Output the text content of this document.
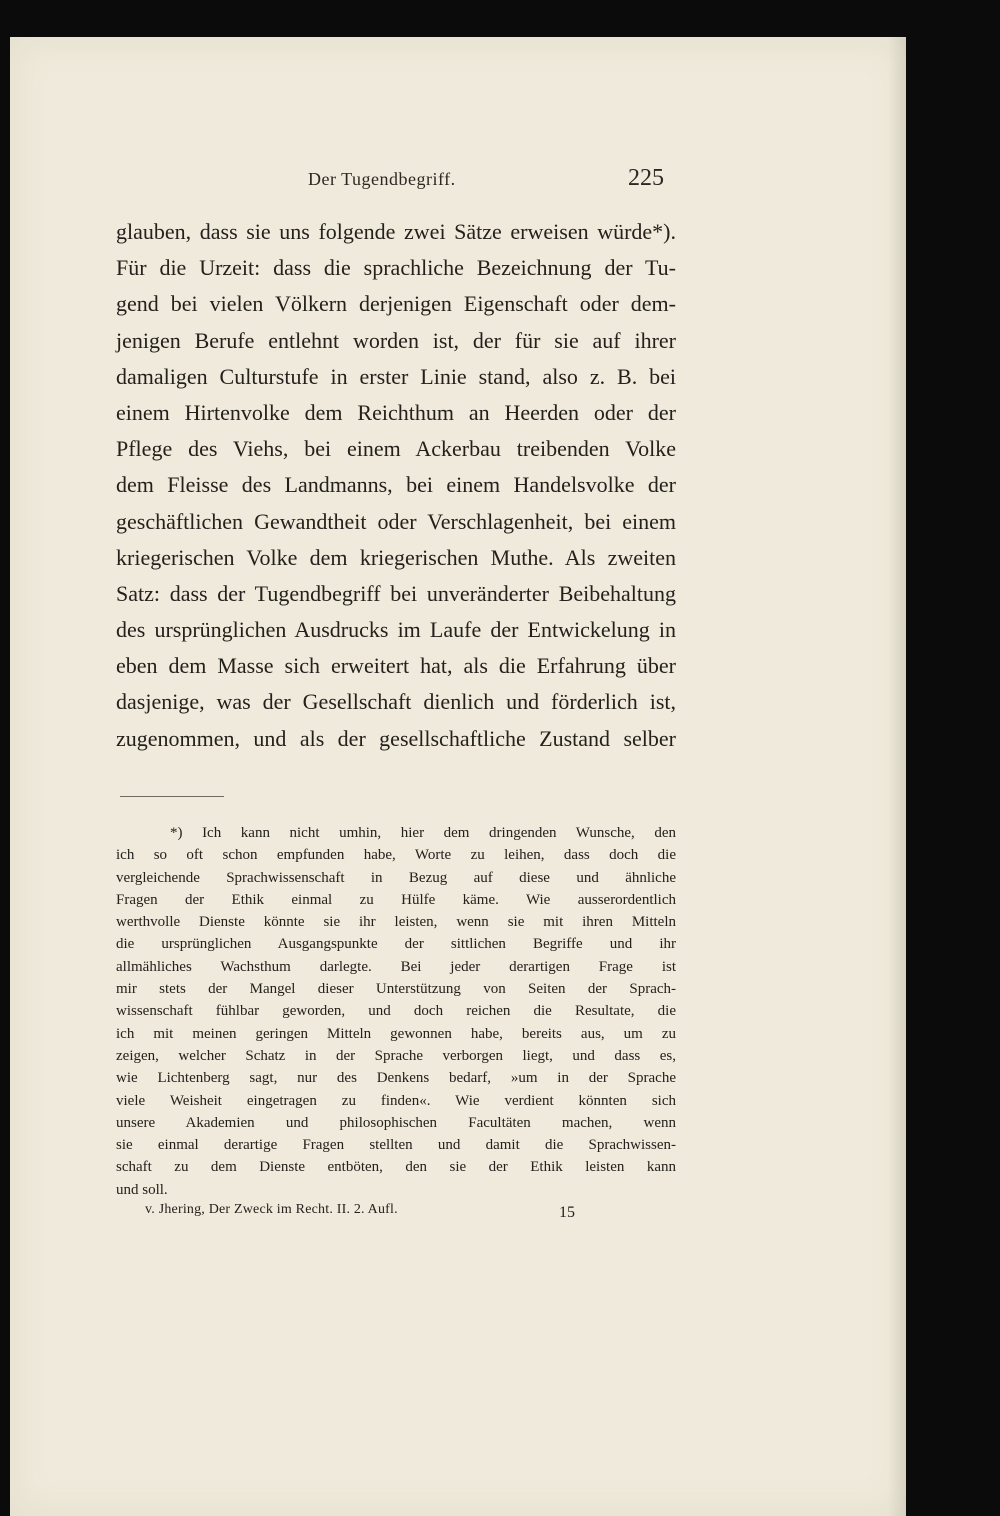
Der Tugendbegriff.	225
glauben, dass sie uns folgende zwei Sätze erweisen würde*).
Für die Urzeit: dass die sprachliche Bezeichnung der Tu-
gend bei vielen Völkern derjenigen Eigenschaft oder dem-
jenigen Berufe entlehnt worden ist, der für sie auf ihrer
damaligen Culturstufe in erster Linie stand, also z. B. bei
einem Hirtenvolke dem Reichthum an Heerden oder der
Pflege des Viehs, bei einem Ackerbau treibenden Volke
dem Fleisse des Landmanns, bei einem Handelsvolke der
geschäftlichen Gewandtheit oder Verschlagenheit, bei einem
kriegerischen Volke dem kriegerischen Muthe. Als zweiten
Satz: dass der Tugendbegriff bei unveränderter Beibehaltung
des ursprünglichen Ausdrucks im Laufe der Entwickelung in
eben dem Masse sich erweitert hat, als die Erfahrung über
dasjenige, was der Gesellschaft dienlich und förderlich ist,
zugenommen, und als der gesellschaftliche Zustand selber
*) Ich kann nicht umhin, hier dem dringenden Wunsche, den
ich so oft schon empfunden habe, Worte zu leihen, dass doch die
vergleichende Sprachwissenschaft in Bezug auf diese und ähnliche
Fragen der Ethik einmal zu Hülfe käme. Wie ausserordentlich
werthvolle Dienste könnte sie ihr leisten, wenn sie mit ihren Mitteln
die ursprünglichen Ausgangspunkte der sittlichen Begriffe und ihr
allmähliches Wachsthum darlegte. Bei jeder derartigen Frage ist
mir stets der Mangel dieser Unterstützung von Seiten der Sprach-
wissenschaft fühlbar geworden, und doch reichen die Resultate, die
ich mit meinen geringen Mitteln gewonnen habe, bereits aus, um zu
zeigen, welcher Schatz in der Sprache verborgen liegt, und dass es,
wie Lichtenberg sagt, nur des Denkens bedarf, »um in der Sprache
viele Weisheit eingetragen zu finden«. Wie verdient könnten sich
unsere Akademien und philosophischen Facultäten machen, wenn
sie einmal derartige Fragen stellten und damit die Sprachwissen-
schaft zu dem Dienste entböten, den sie der Ethik leisten kann
und soll.
v. Jhering, Der Zweck im Recht. II. 2. Aufl.	15
